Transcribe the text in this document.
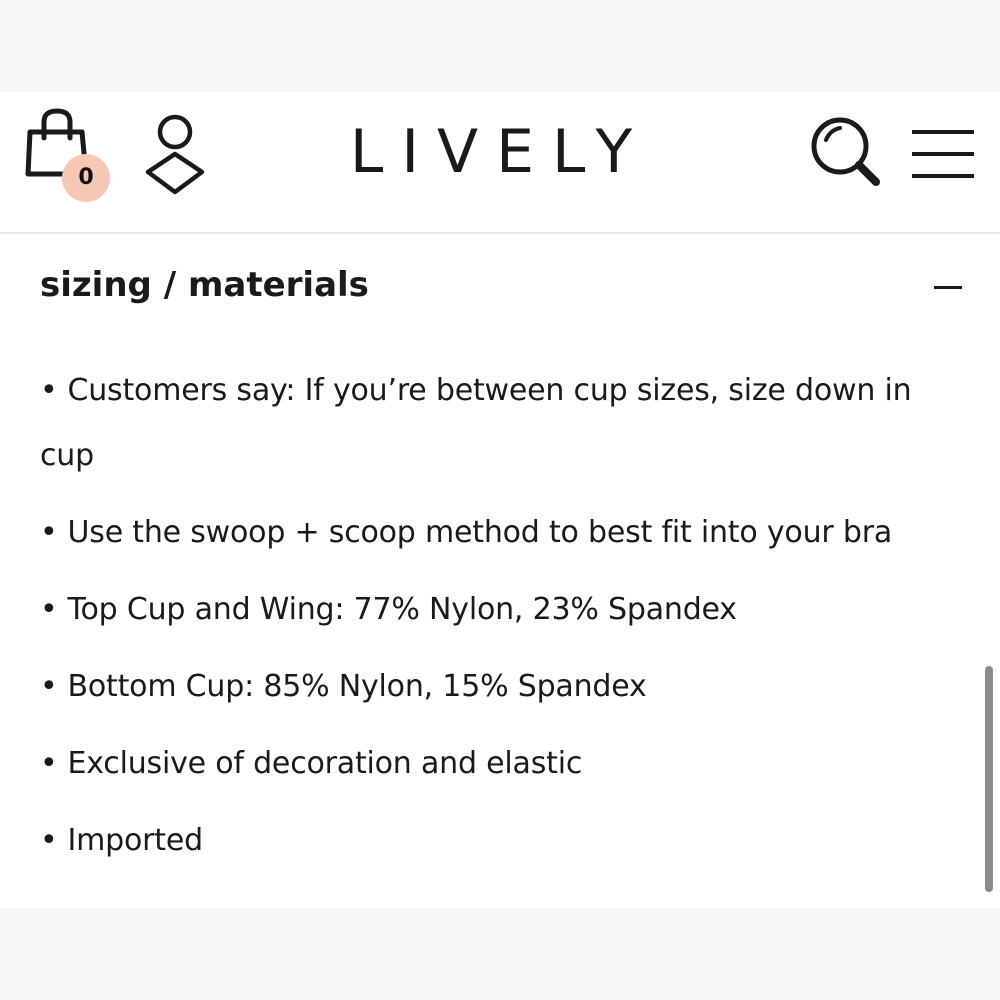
0	LIVELY
sizing / materials
• Customers say: If you’re between cup sizes, size down in cup
• Use the swoop + scoop method to best fit into your bra
• Top Cup and Wing: 77% Nylon, 23% Spandex
• Bottom Cup: 85% Nylon, 15% Spandex
• Exclusive of decoration and elastic
• Imported
